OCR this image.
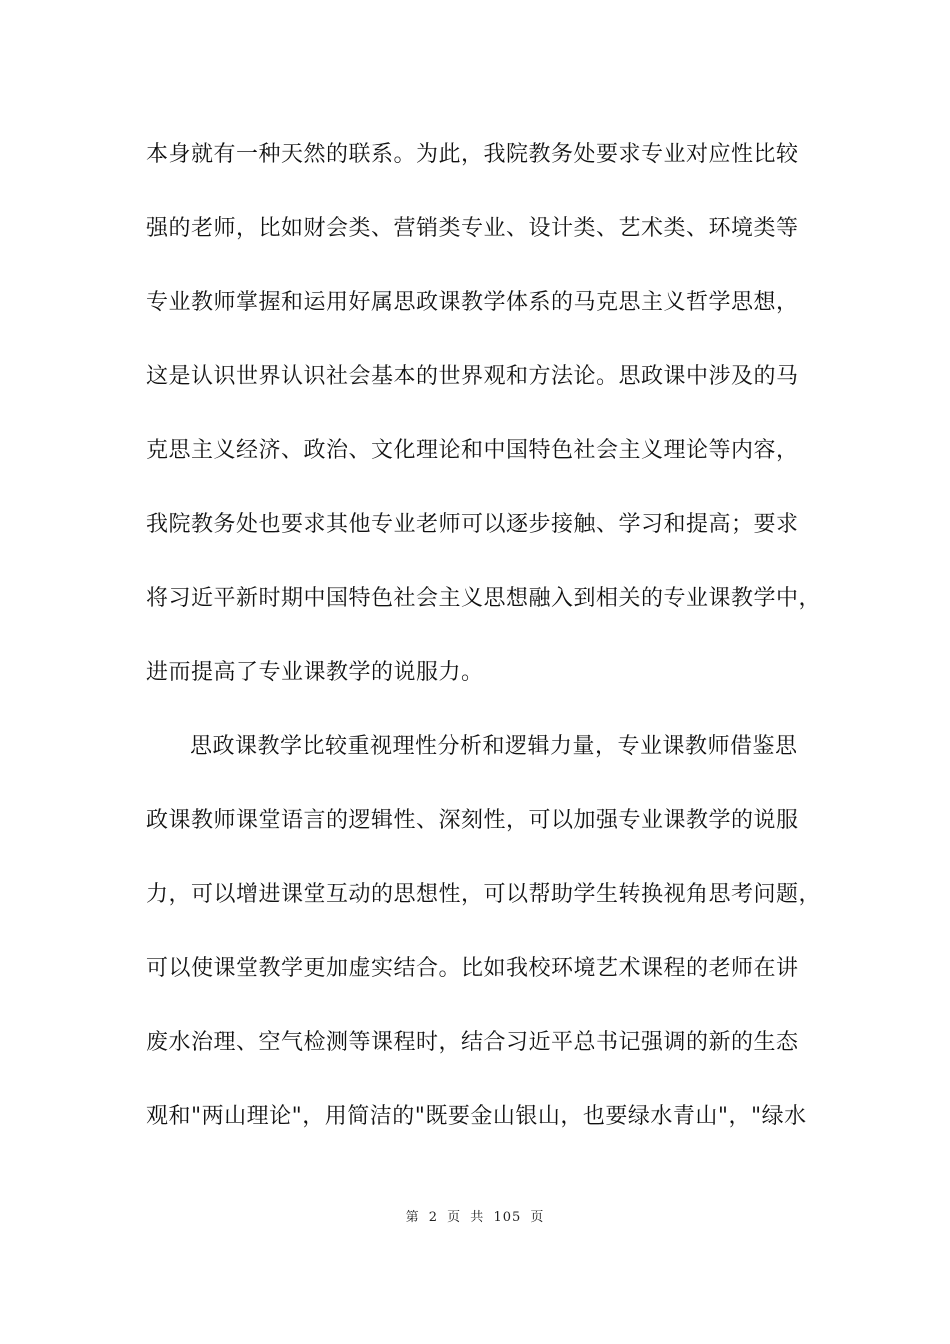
本身就有一种天然的联系。为此，我院教务处要求专业对应性比较
强的老师，比如财会类、营销类专业、设计类、艺术类、环境类等
专业教师掌握和运用好属思政课教学体系的马克思主义哲学思想，
这是认识世界认识社会基本的世界观和方法论。思政课中涉及的马
克思主义经济、政治、文化理论和中国特色社会主义理论等内容，
我院教务处也要求其他专业老师可以逐步接触、学习和提高；要求
将习近平新时期中国特色社会主义思想融入到相关的专业课教学中，
进而提高了专业课教学的说服力。
思政课教学比较重视理性分析和逻辑力量，专业课教师借鉴思
政课教师课堂语言的逻辑性、深刻性，可以加强专业课教学的说服
力，可以增进课堂互动的思想性，可以帮助学生转换视角思考问题，
可以使课堂教学更加虚实结合。比如我校环境艺术课程的老师在讲
废水治理、空气检测等课程时，结合习近平总书记强调的新的生态
观和"两山理论"，用简洁的"既要金山银山，也要绿水青山"，"绿水
第 2 页 共 105 页
